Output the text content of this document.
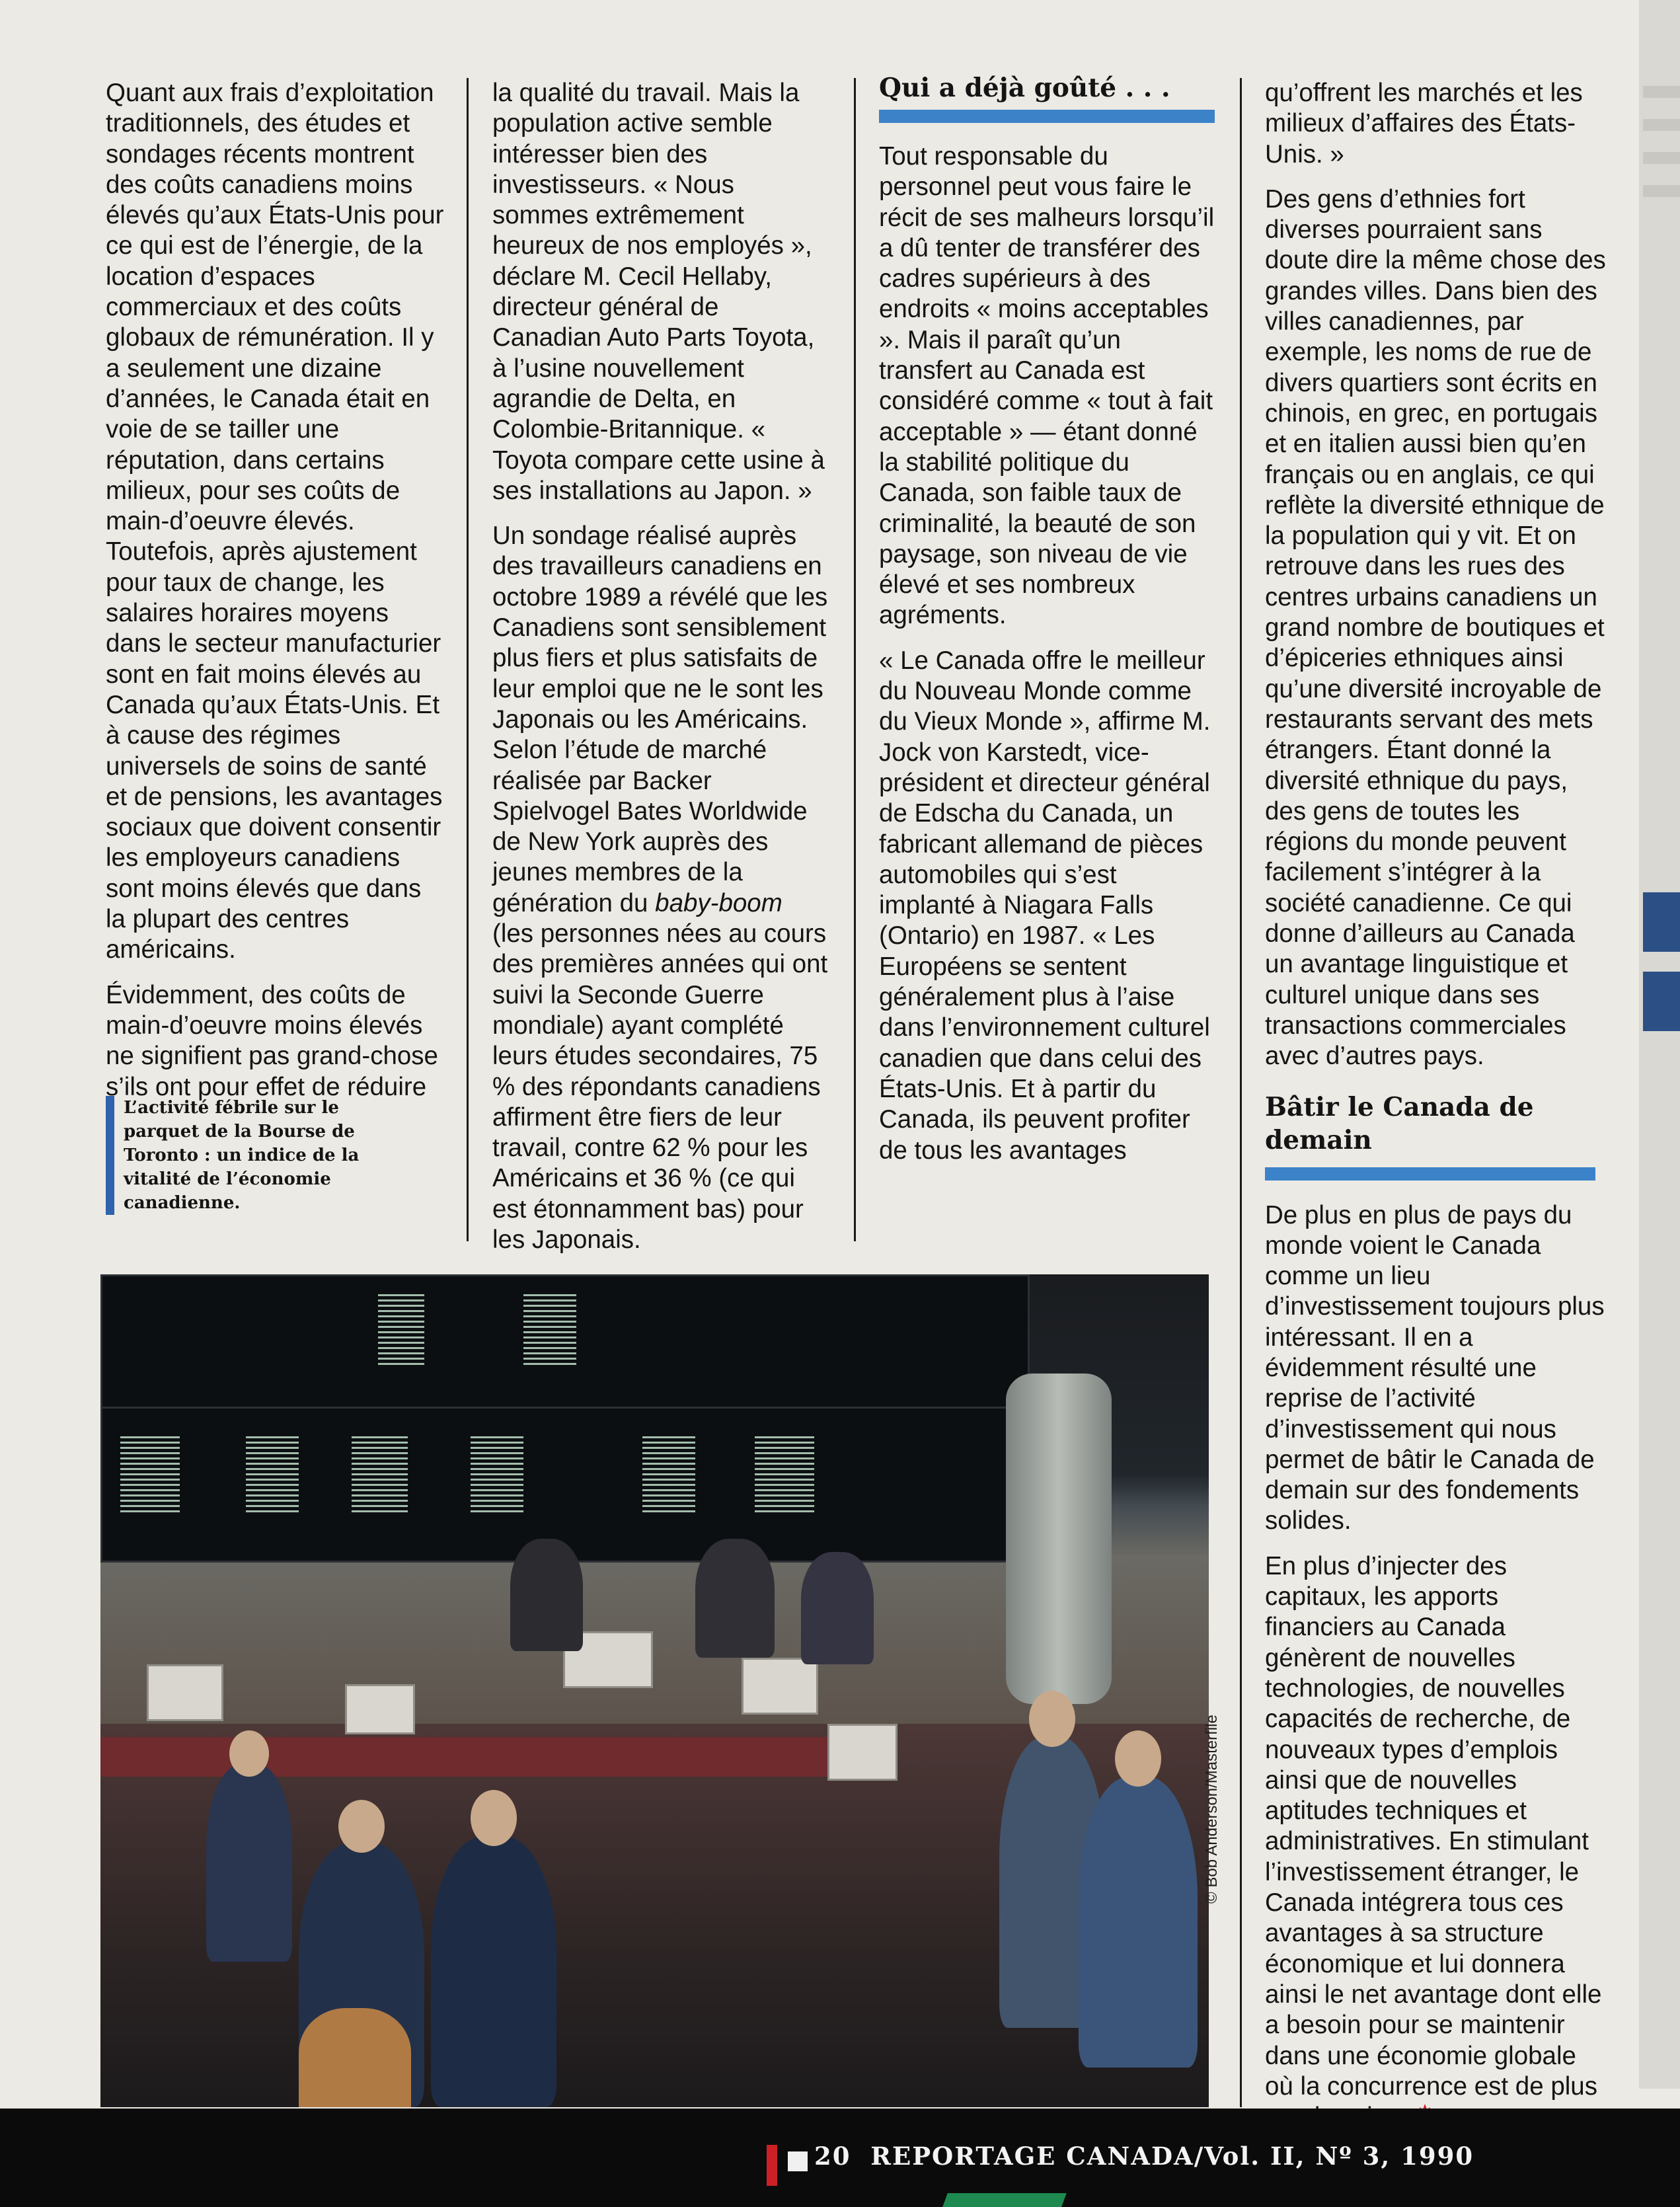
Quant aux frais d’exploitation traditionnels, des études et sondages récents montrent des coûts canadiens moins élevés qu’aux États-Unis pour ce qui est de l’énergie, de la location d’espaces commerciaux et des coûts globaux de rémunération. Il y a seulement une dizaine d’années, le Canada était en voie de se tailler une réputation, dans certains milieux, pour ses coûts de main-d’oeuvre élevés. Toutefois, après ajustement pour taux de change, les salaires horaires moyens dans le secteur manufacturier sont en fait moins élevés au Canada qu’aux États-Unis. Et à cause des régimes universels de soins de santé et de pensions, les avantages sociaux que doivent consentir les employeurs canadiens sont moins élevés que dans la plupart des centres américains.

Évidemment, des coûts de main-d’oeuvre moins élevés ne signifient pas grand-chose s’ils ont pour effet de réduire

L’activité fébrile sur le parquet de la Bourse de Toronto : un indice de la vitalité de l’économie canadienne.

la qualité du travail. Mais la population active semble intéresser bien des investisseurs. « Nous sommes extrêmement heureux de nos employés », déclare M. Cecil Hellaby, directeur général de Canadian Auto Parts Toyota, à l’usine nouvellement agrandie de Delta, en Colombie-Britannique. « Toyota compare cette usine à ses installations au Japon. »

Un sondage réalisé auprès des travailleurs canadiens en octobre 1989 a révélé que les Canadiens sont sensiblement plus fiers et plus satisfaits de leur emploi que ne le sont les Japonais ou les Américains. Selon l’étude de marché réalisée par Backer Spielvogel Bates Worldwide de New York auprès des jeunes membres de la génération du baby-boom (les personnes nées au cours des premières années qui ont suivi la Seconde Guerre mondiale) ayant complété leurs études secondaires, 75 % des répondants canadiens affirment être fiers de leur travail, contre 62 % pour les Américains et 36 % (ce qui est étonnamment bas) pour les Japonais.

Qui a déjà goûté . . .

Tout responsable du personnel peut vous faire le récit de ses malheurs lorsqu’il a dû tenter de transférer des cadres supérieurs à des endroits « moins acceptables ». Mais il paraît qu’un transfert au Canada est considéré comme « tout à fait acceptable » — étant donné la stabilité politique du Canada, son faible taux de criminalité, la beauté de son paysage, son niveau de vie élevé et ses nombreux agréments.

« Le Canada offre le meilleur du Nouveau Monde comme du Vieux Monde », affirme M. Jock von Karstedt, vice-président et directeur général de Edscha du Canada, un fabricant allemand de pièces automobiles qui s’est implanté à Niagara Falls (Ontario) en 1987. « Les Européens se sentent généralement plus à l’aise dans l’environnement culturel canadien que dans celui des États-Unis. Et à partir du Canada, ils peuvent profiter de tous les avantages

qu’offrent les marchés et les milieux d’affaires des États-Unis. »

Des gens d’ethnies fort diverses pourraient sans doute dire la même chose des grandes villes. Dans bien des villes canadiennes, par exemple, les noms de rue de divers quartiers sont écrits en chinois, en grec, en portugais et en italien aussi bien qu’en français ou en anglais, ce qui reflète la diversité ethnique de la population qui y vit. Et on retrouve dans les rues des centres urbains canadiens un grand nombre de boutiques et d’épiceries ethniques ainsi qu’une diversité incroyable de restaurants servant des mets étrangers. Étant donné la diversité ethnique du pays, des gens de toutes les régions du monde peuvent facilement s’intégrer à la société canadienne. Ce qui donne d’ailleurs au Canada un avantage linguistique et culturel unique dans ses transactions commerciales avec d’autres pays.

Bâtir le Canada de demain

De plus en plus de pays du monde voient le Canada comme un lieu d’investissement toujours plus intéressant. Il en a évidemment résulté une reprise de l’activité d’investissement qui nous permet de bâtir le Canada de demain sur des fondements solides.

En plus d’injecter des capitaux, les apports financiers au Canada génèrent de nouvelles technologies, de nouvelles capacités de recherche, de nouveaux types d’emplois ainsi que de nouvelles aptitudes techniques et administratives. En stimulant l’investissement étranger, le Canada intégrera tous ces avantages à sa structure économique et lui donnera ainsi le net avantage dont elle a besoin pour se maintenir dans une économie globale où la concurrence est de plus

© Bob Anderson/Masterfile
20 REPORTAGE CANADA/Vol. II, Nº 3, 1990
